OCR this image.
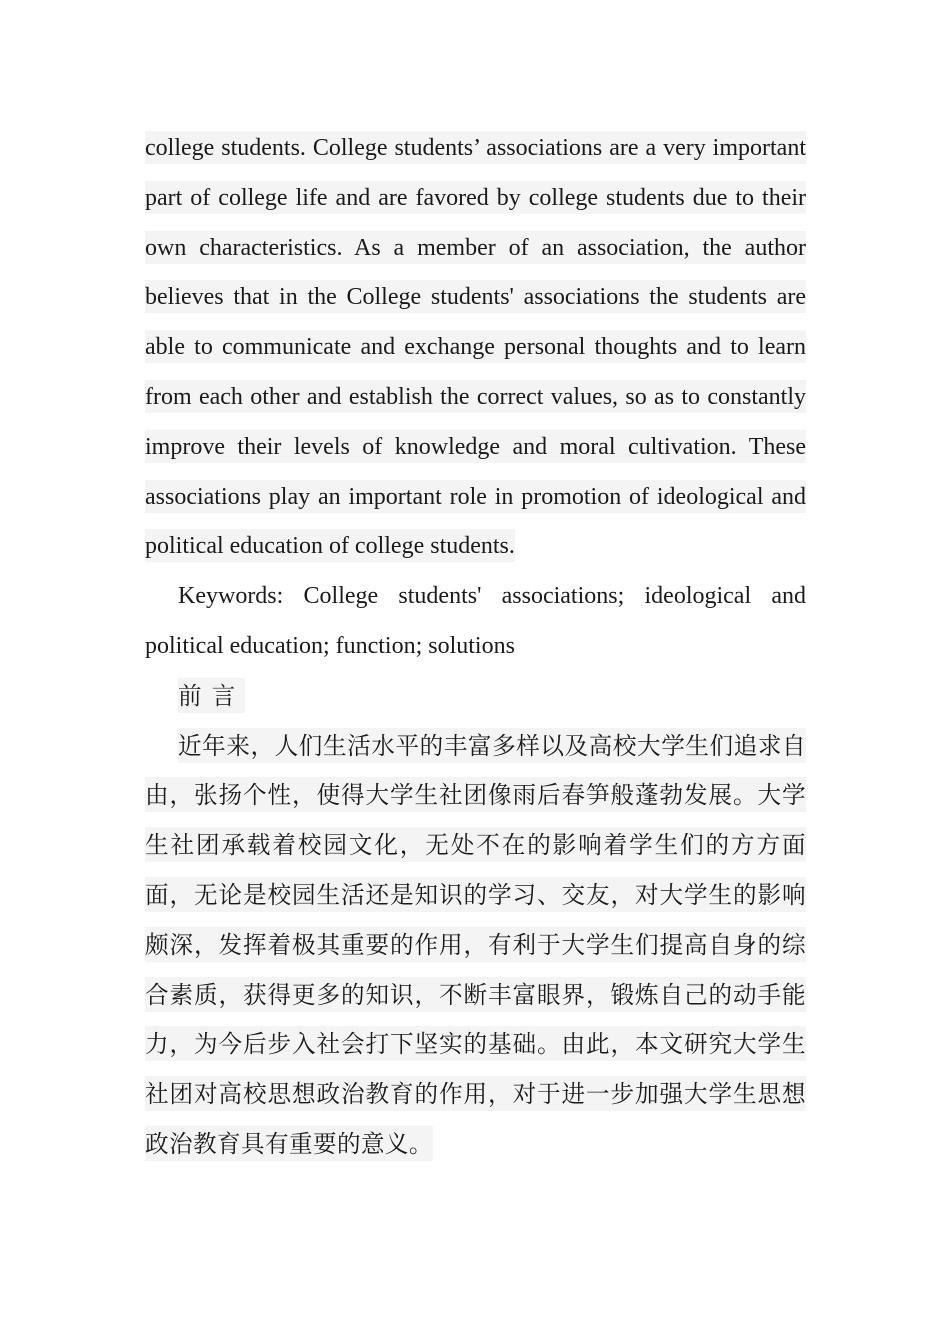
college students. College students’ associations are a very important part of college life and are favored by college students due to their own characteristics. As a member of an association, the author believes that in the College students' associations the students are able to communicate and exchange personal thoughts and to learn from each other and establish the correct values, so as to constantly improve their levels of knowledge and moral cultivation. These associations play an important role in promotion of ideological and political education of college students.

Keywords: College students' associations; ideological and political education; function; solutions

前言

近年来，人们生活水平的丰富多样以及高校大学生们追求自由，张扬个性，使得大学生社团像雨后春笋般蓬勃发展。大学生社团承载着校园文化，无处不在的影响着学生们的方方面面，无论是校园生活还是知识的学习、交友，对大学生的影响颇深，发挥着极其重要的作用，有利于大学生们提高自身的综合素质，获得更多的知识，不断丰富眼界，锻炼自己的动手能力，为今后步入社会打下坚实的基础。由此，本文研究大学生社团对高校思想政治教育的作用，对于进一步加强大学生思想政治教育具有重要的意义。
